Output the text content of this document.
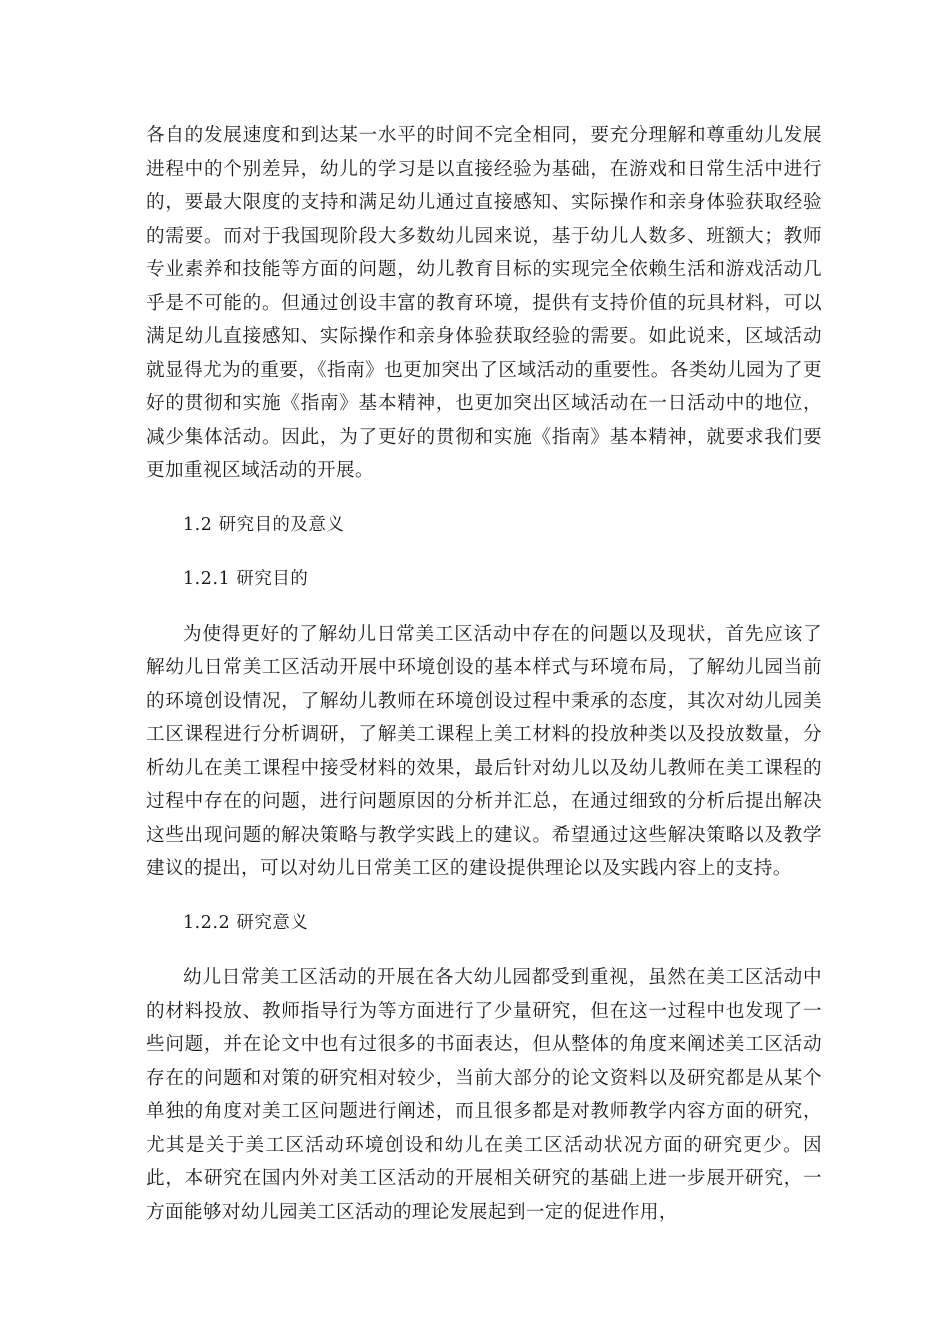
各自的发展速度和到达某一水平的时间不完全相同，要充分理解和尊重幼儿发展进程中的个别差异，幼儿的学习是以直接经验为基础，在游戏和日常生活中进行的，要最大限度的支持和满足幼儿通过直接感知、实际操作和亲身体验获取经验的需要。而对于我国现阶段大多数幼儿园来说，基于幼儿人数多、班额大；教师专业素养和技能等方面的问题，幼儿教育目标的实现完全依赖生活和游戏活动几乎是不可能的。但通过创设丰富的教育环境，提供有支持价值的玩具材料，可以满足幼儿直接感知、实际操作和亲身体验获取经验的需要。如此说来，区域活动就显得尤为的重要，《指南》也更加突出了区域活动的重要性。各类幼儿园为了更好的贯彻和实施《指南》基本精神，也更加突出区域活动在一日活动中的地位，减少集体活动。因此，为了更好的贯彻和实施《指南》基本精神，就要求我们要更加重视区域活动的开展。

1.2 研究目的及意义

1.2.1 研究目的

为使得更好的了解幼儿日常美工区活动中存在的问题以及现状，首先应该了解幼儿日常美工区活动开展中环境创设的基本样式与环境布局，了解幼儿园当前的环境创设情况，了解幼儿教师在环境创设过程中秉承的态度，其次对幼儿园美工区课程进行分析调研，了解美工课程上美工材料的投放种类以及投放数量，分析幼儿在美工课程中接受材料的效果，最后针对幼儿以及幼儿教师在美工课程的过程中存在的问题，进行问题原因的分析并汇总，在通过细致的分析后提出解决这些出现问题的解决策略与教学实践上的建议。希望通过这些解决策略以及教学建议的提出，可以对幼儿日常美工区的建设提供理论以及实践内容上的支持。

1.2.2 研究意义

幼儿日常美工区活动的开展在各大幼儿园都受到重视，虽然在美工区活动中的材料投放、教师指导行为等方面进行了少量研究，但在这一过程中也发现了一些问题，并在论文中也有过很多的书面表达，但从整体的角度来阐述美工区活动存在的问题和对策的研究相对较少，当前大部分的论文资料以及研究都是从某个单独的角度对美工区问题进行阐述，而且很多都是对教师教学内容方面的研究，尤其是关于美工区活动环境创设和幼儿在美工区活动状况方面的研究更少。因此，本研究在国内外对美工区活动的开展相关研究的基础上进一步展开研究，一方面能够对幼儿园美工区活动的理论发展起到一定的促进作用，
